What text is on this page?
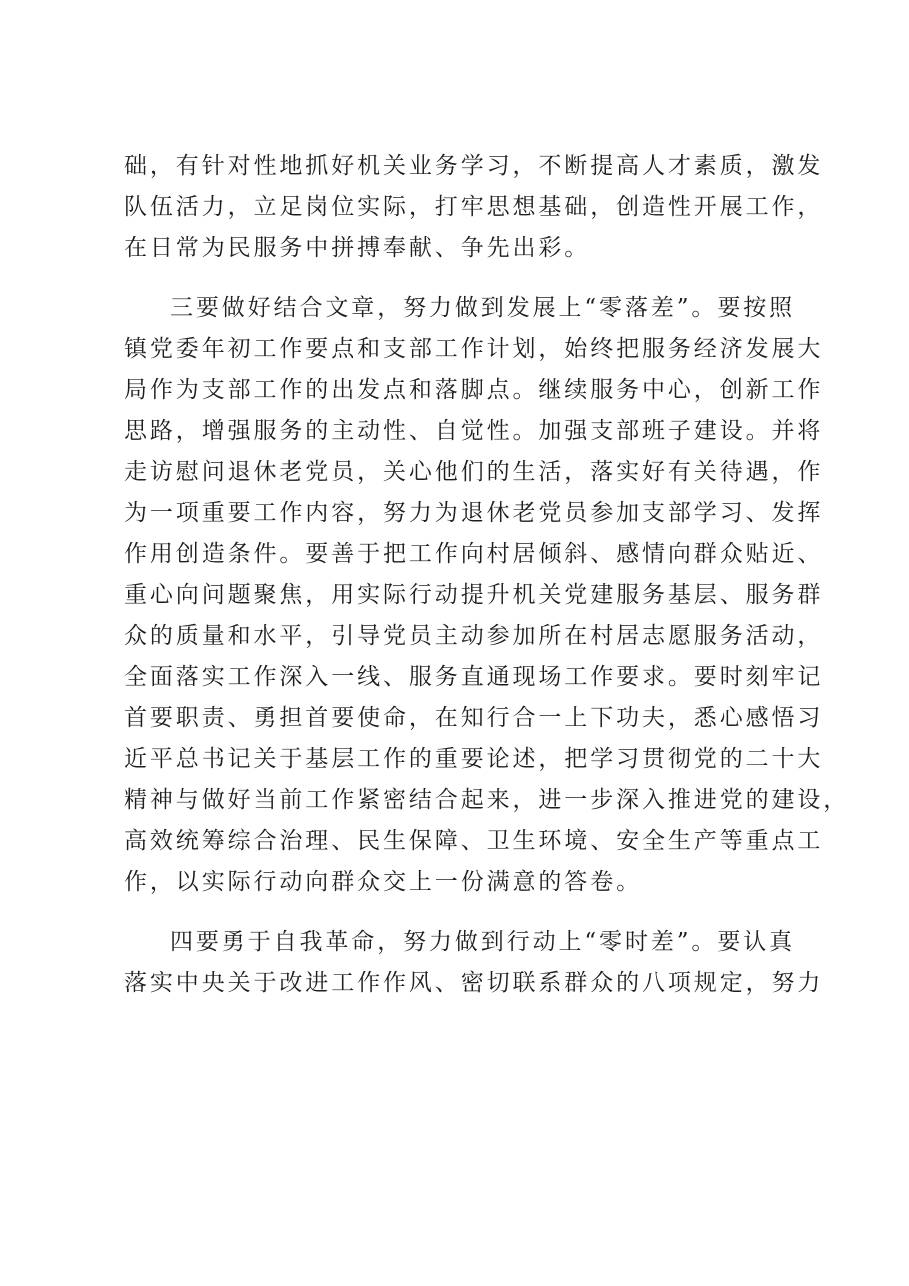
础，有针对性地抓好机关业务学习，不断提高人才素质，激发
队伍活力，立足岗位实际，打牢思想基础，创造性开展工作，
在日常为民服务中拼搏奉献、争先出彩。
三要做好结合文章，努力做到发展上“零落差”。要按照
镇党委年初工作要点和支部工作计划，始终把服务经济发展大
局作为支部工作的出发点和落脚点。继续服务中心，创新工作
思路，增强服务的主动性、自觉性。加强支部班子建设。并将
走访慰问退休老党员，关心他们的生活，落实好有关待遇，作
为一项重要工作内容，努力为退休老党员参加支部学习、发挥
作用创造条件。要善于把工作向村居倾斜、感情向群众贴近、
重心向问题聚焦，用实际行动提升机关党建服务基层、服务群
众的质量和水平，引导党员主动参加所在村居志愿服务活动，
全面落实工作深入一线、服务直通现场工作要求。要时刻牢记
首要职责、勇担首要使命，在知行合一上下功夫，悉心感悟习
近平总书记关于基层工作的重要论述，把学习贯彻党的二十大
精神与做好当前工作紧密结合起来，进一步深入推进党的建设，
高效统筹综合治理、民生保障、卫生环境、安全生产等重点工
作，以实际行动向群众交上一份满意的答卷。
四要勇于自我革命，努力做到行动上“零时差”。要认真
落实中央关于改进工作作风、密切联系群众的八项规定，努力
